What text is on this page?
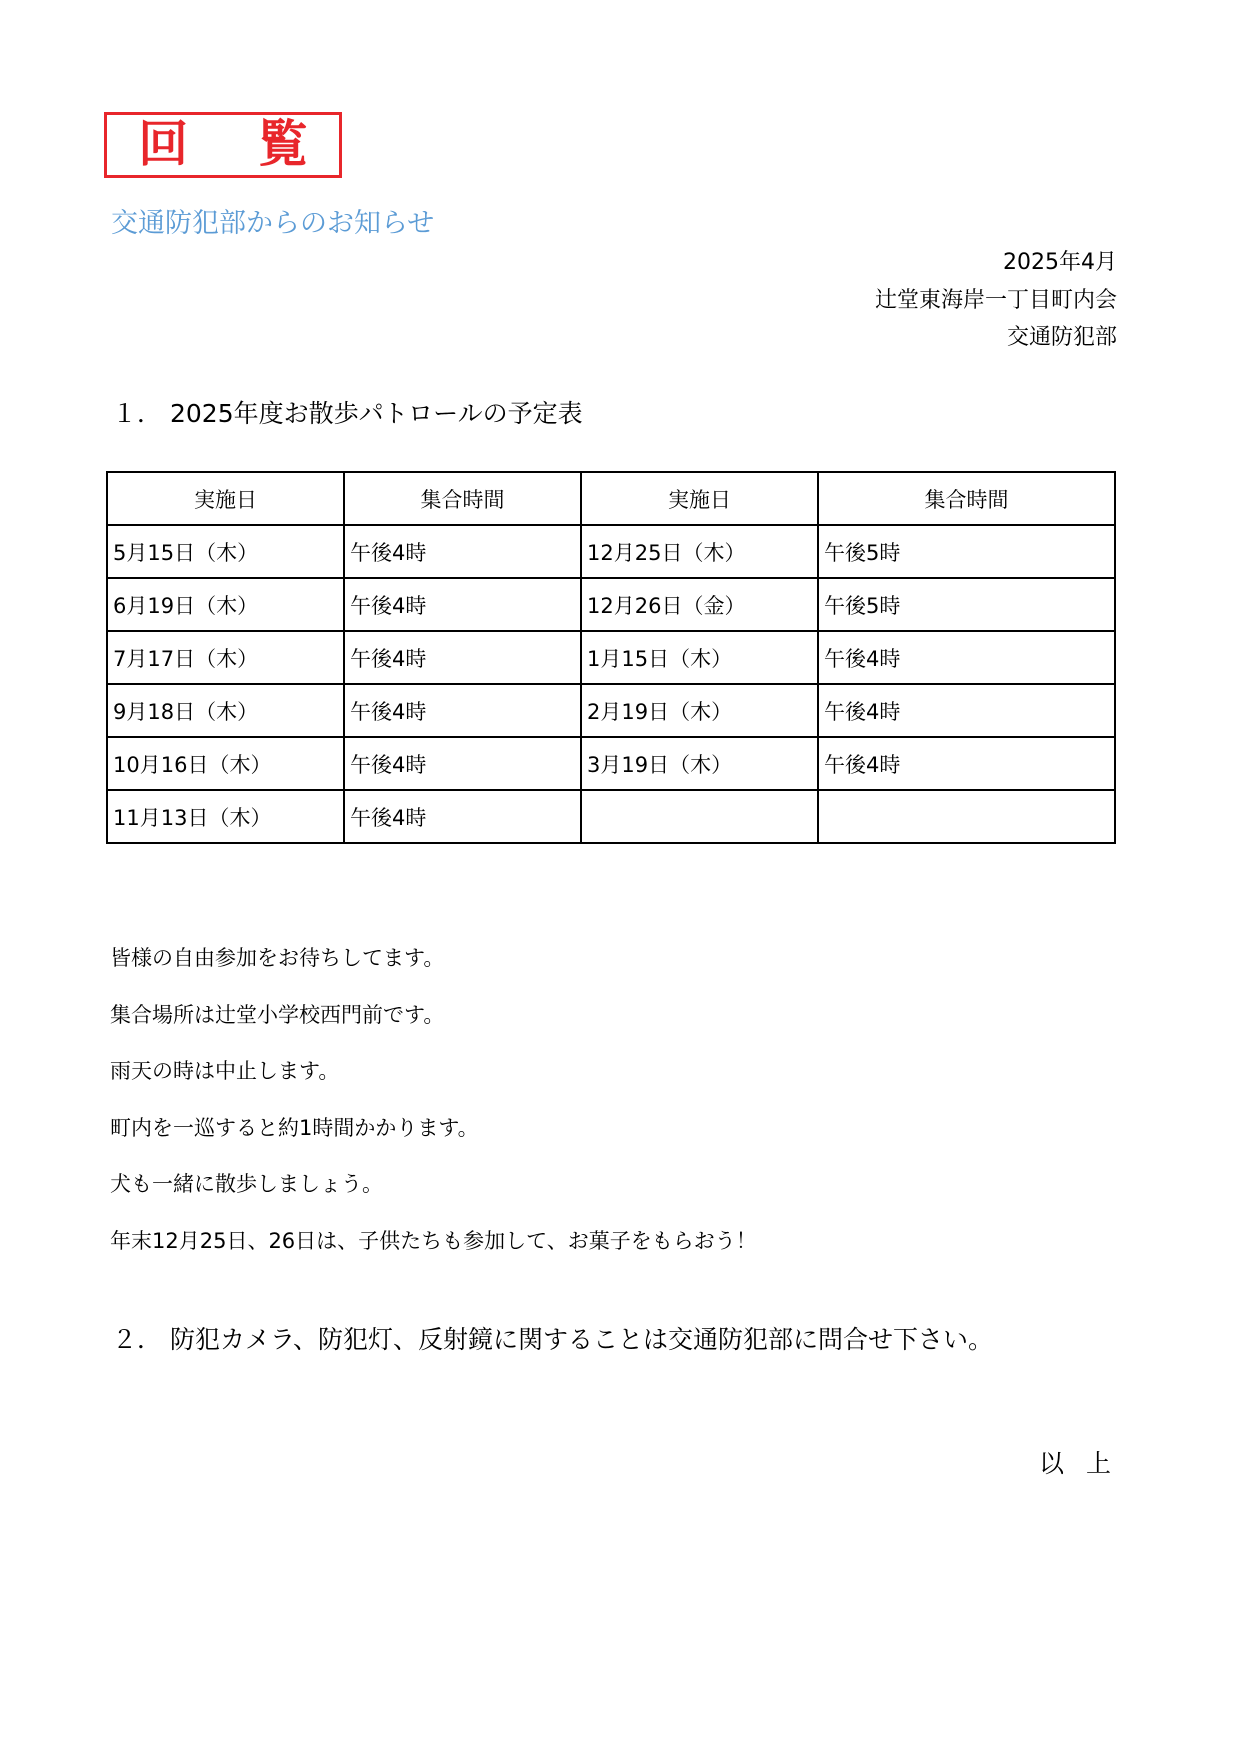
回 覧
交通防犯部からのお知らせ
2025年4月
辻堂東海岸一丁目町内会
交通防犯部
１． 2025年度お散歩パトロールの予定表
実施日	集合時間	実施日	集合時間
5月15日（木）	午後4時	12月25日（木）	午後5時
6月19日（木）	午後4時	12月26日（金）	午後5時
7月17日（木）	午後4時	1月15日（木）	午後4時
9月18日（木）	午後4時	2月19日（木）	午後4時
10月16日（木）	午後4時	3月19日（木）	午後4時
11月13日（木）	午後4時		
皆様の自由参加をお待ちしてます。
集合場所は辻堂小学校西門前です。
雨天の時は中止します。
町内を一巡すると約1時間かかります。
犬も一緒に散歩しましょう。
年末12月25日、26日は、子供たちも参加して、お菓子をもらおう！
２． 防犯カメラ、防犯灯、反射鏡に関することは交通防犯部に問合せ下さい。
以上
